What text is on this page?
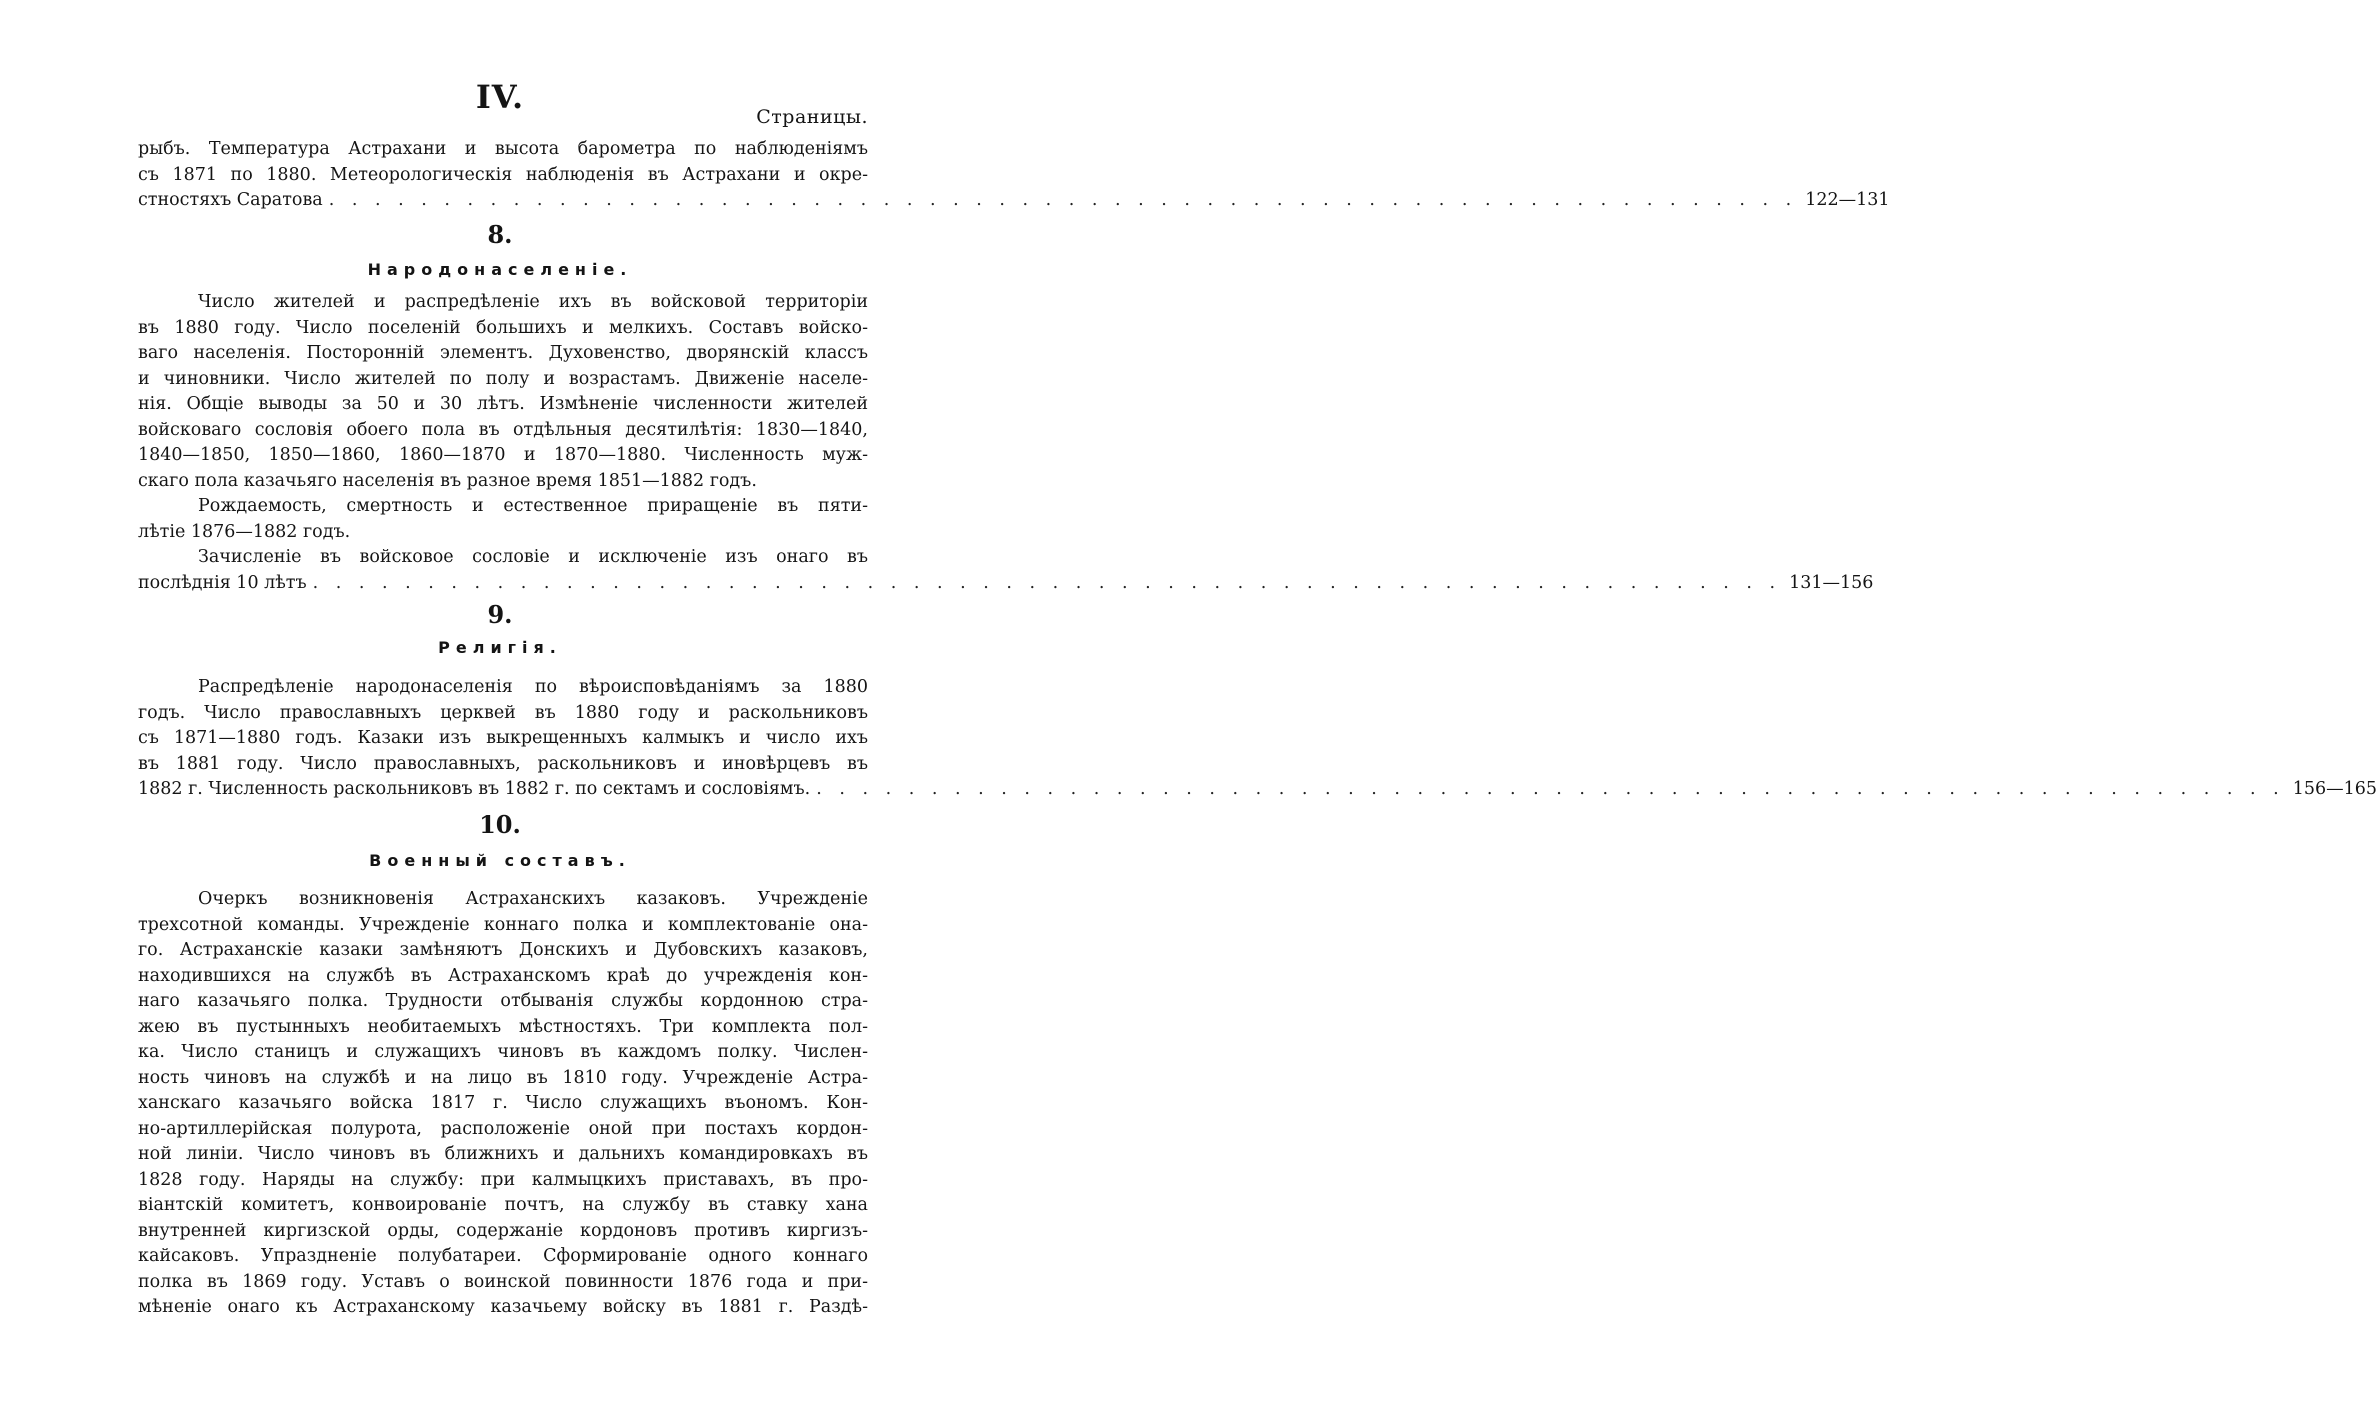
IV.
Страницы.
рыбъ. Температура Астрахани и высота барометра по наблюденіямъ
съ 1871 по 1880. Метеорологическія наблюденія въ Астрахани и окре-
стностяхъ Саратова . . .	122—131
8.
Народонаселеніе.
Число жителей и распредѣленіе ихъ въ войсковой территоріи
въ 1880 году. Число поселеній большихъ и мелкихъ. Составъ войско-
ваго населенія. Посторонній элементъ. Духовенство, дворянскій классъ
и чиновники. Число жителей по полу и возрастамъ. Движеніе населе-
нія. Общіе выводы за 50 и 30 лѣтъ. Измѣненіе численности жителей
войсковаго сословія обоего пола въ отдѣльныя десятилѣтія: 1830—1840,
1840—1850, 1850—1860, 1860—1870 и 1870—1880. Численность муж-
скаго пола казачьяго населенія въ разное время 1851—1882 годъ.
Рождаемость, смертность и естественное приращеніе въ пяти-
лѣтіе 1876—1882 годъ.
Зачисленіе въ войсковое сословіе и исключеніе изъ онаго въ
послѣднія 10 лѣтъ . . .	131—156
9.
Религія.
Распредѣленіе народонаселенія по вѣроисповѣданіямъ за 1880
годъ. Число православныхъ церквей въ 1880 году и раскольниковъ
съ 1871—1880 годъ. Казаки изъ выкрещенныхъ калмыкъ и число ихъ
въ 1881 году. Число православныхъ, раскольниковъ и иновѣрцевъ въ
1882 г. Численность раскольниковъ въ 1882 г. по сектамъ и сословіямъ. . . .	156—165
10.
Военный составъ.
Очеркъ возникновенія Астраханскихъ казаковъ. Учрежденіе
трехсотной команды. Учрежденіе коннаго полка и комплектованіе она-
го. Астраханскіе казаки замѣняютъ Донскихъ и Дубовскихъ казаковъ,
находившихся на службѣ въ Астраханскомъ краѣ до учрежденія кон-
наго казачьяго полка. Трудности отбыванія службы кордонною стра-
жею въ пустынныхъ необитаемыхъ мѣстностяхъ. Три комплекта пол-
ка. Число станицъ и служащихъ чиновъ въ каждомъ полку. Числен-
ность чиновъ на службѣ и на лицо въ 1810 году. Учрежденіе Астра-
ханскаго казачьяго войска 1817 г. Число служащихъ въономъ. Кон-
но-артиллерійская полурота, расположеніе оной при постахъ кордон-
ной линіи. Число чиновъ въ ближнихъ и дальнихъ командировкахъ въ
1828 году. Наряды на службу: при калмыцкихъ приставахъ, въ про-
віантскій комитетъ, конвоированіе почтъ, на службу въ ставку хана
внутренней киргизской орды, содержаніе кордоновъ противъ киргизъ-
кайсаковъ. Упраздненіе полубатареи. Сформированіе одного коннаго
полка въ 1869 году. Уставъ о воинской повинности 1876 года и при-
мѣненіе онаго къ Астраханскому казачьему войску въ 1881 г. Раздѣ-
